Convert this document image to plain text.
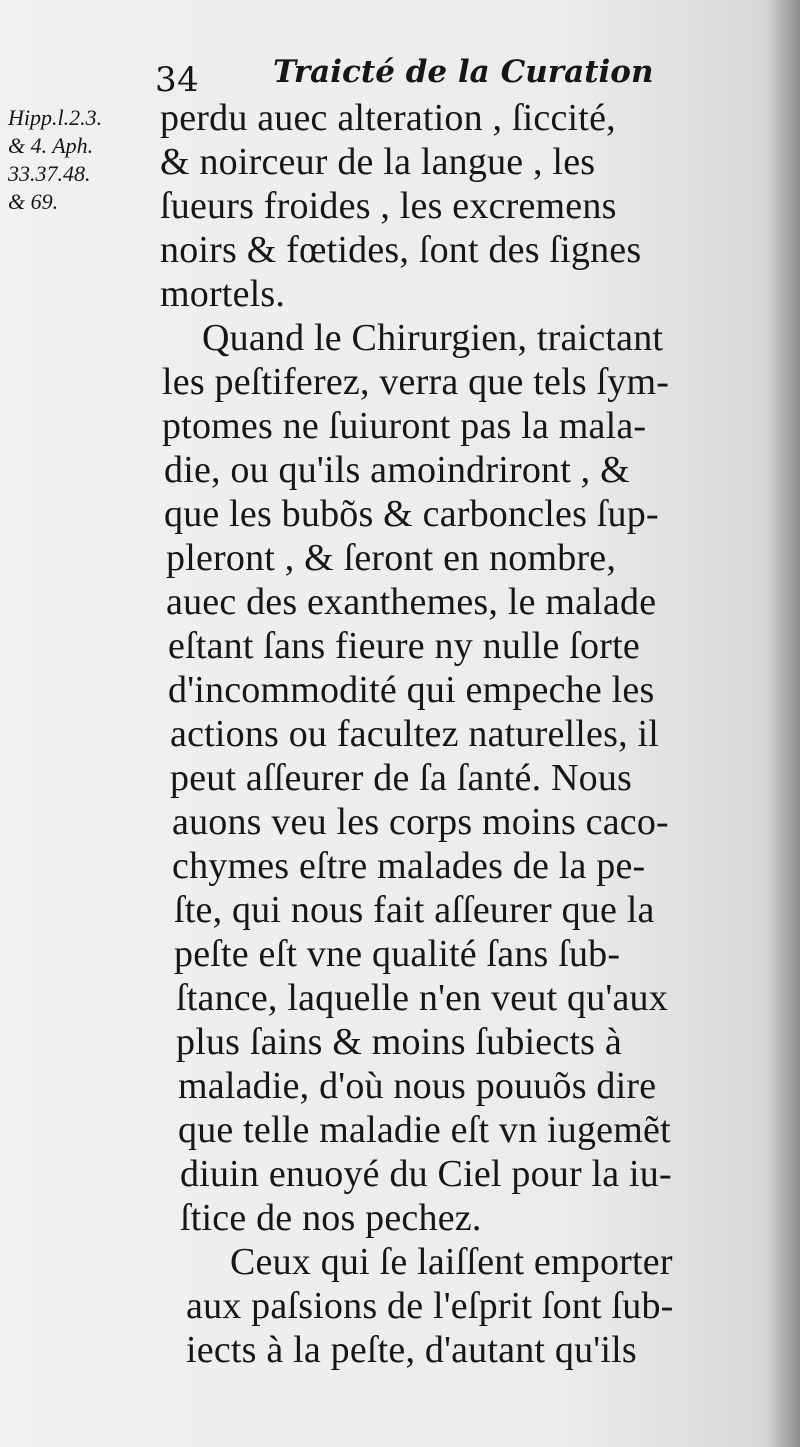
34 Traicté de la Curation
Hipp.l.2.3.
& 4. Aph.
33.37.48.
& 69.
perdu auec alteration , ſiccité,
& noirceur de la langue , les
ſueurs froides , les excremens
noirs & fœtides, ſont des ſignes
mortels.
Quand le Chirurgien, traictant
les peſtiferez, verra que tels ſym-
ptomes ne ſuiuront pas la mala-
die, ou qu'ils amoindriront , &
que les bubõs & carboncles ſup-
pleront , & ſeront en nombre,
auec des exanthemes, le malade
eſtant ſans fieure ny nulle ſorte
d'incommodité qui empeche les
actions ou facultez naturelles, il
peut aſſeurer de ſa ſanté. Nous
auons veu les corps moins caco-
chymes eſtre malades de la pe-
ſte, qui nous fait aſſeurer que la
peſte eſt vne qualité ſans ſub-
ſtance, laquelle n'en veut qu'aux
plus ſains & moins ſubiects à
maladie, d'où nous pouuõs dire
que telle maladie eſt vn iugemẽt
diuin enuoyé du Ciel pour la iu-
ſtice de nos pechez.
Ceux qui ſe laiſſent emporter
aux paſsions de l'eſprit ſont ſub-
iects à la peſte, d'autant qu'ils
